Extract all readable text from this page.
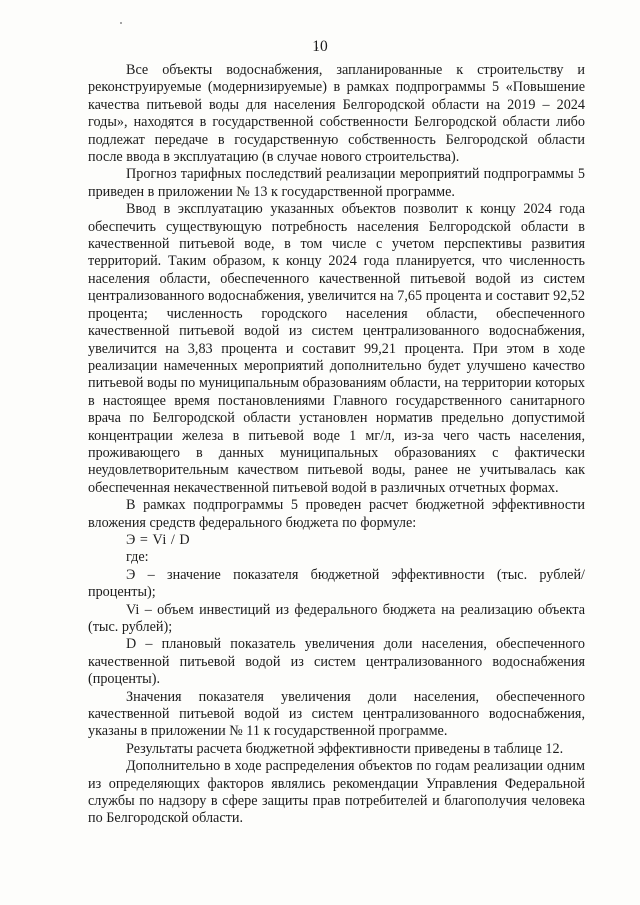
10

Все объекты водоснабжения, запланированные к строительству и реконструируемые (модернизируемые) в рамках подпрограммы 5 «Повышение качества питьевой воды для населения Белгородской области на 2019 – 2024 годы», находятся в государственной собственности Белгородской области либо подлежат передаче в государственную собственность Белгородской области после ввода в эксплуатацию (в случае нового строительства).

Прогноз тарифных последствий реализации мероприятий подпрограммы 5 приведен в приложении № 13 к государственной программе.

Ввод в эксплуатацию указанных объектов позволит к концу 2024 года обеспечить существующую потребность населения Белгородской области в качественной питьевой воде, в том числе с учетом перспективы развития территорий. Таким образом, к концу 2024 года планируется, что численность населения области, обеспеченного качественной питьевой водой из систем централизованного водоснабжения, увеличится на 7,65 процента и составит 92,52 процента; численность городского населения области, обеспеченного качественной питьевой водой из систем централизованного водоснабжения, увеличится на 3,83 процента и составит 99,21 процента. При этом в ходе реализации намеченных мероприятий дополнительно будет улучшено качество питьевой воды по муниципальным образованиям области, на территории которых в настоящее время постановлениями Главного государственного санитарного врача по Белгородской области установлен норматив предельно допустимой концентрации железа в питьевой воде 1 мг/л, из-за чего часть населения, проживающего в данных муниципальных образованиях с фактически неудовлетворительным качеством питьевой воды, ранее не учитывалась как обеспеченная некачественной питьевой водой в различных отчетных формах.

В рамках подпрограммы 5 проведен расчет бюджетной эффективности вложения средств федерального бюджета по формуле:

Э = Vi / D

где:

Э – значение показателя бюджетной эффективности (тыс. рублей/проценты);

Vi – объем инвестиций из федерального бюджета на реализацию объекта (тыс. рублей);

D – плановый показатель увеличения доли населения, обеспеченного качественной питьевой водой из систем централизованного водоснабжения (проценты).

Значения показателя увеличения доли населения, обеспеченного качественной питьевой водой из систем централизованного водоснабжения, указаны в приложении № 11 к государственной программе.

Результаты расчета бюджетной эффективности приведены в таблице 12.

Дополнительно в ходе распределения объектов по годам реализации одним из определяющих факторов являлись рекомендации Управления Федеральной службы по надзору в сфере защиты прав потребителей и благополучия человека по Белгородской области.
